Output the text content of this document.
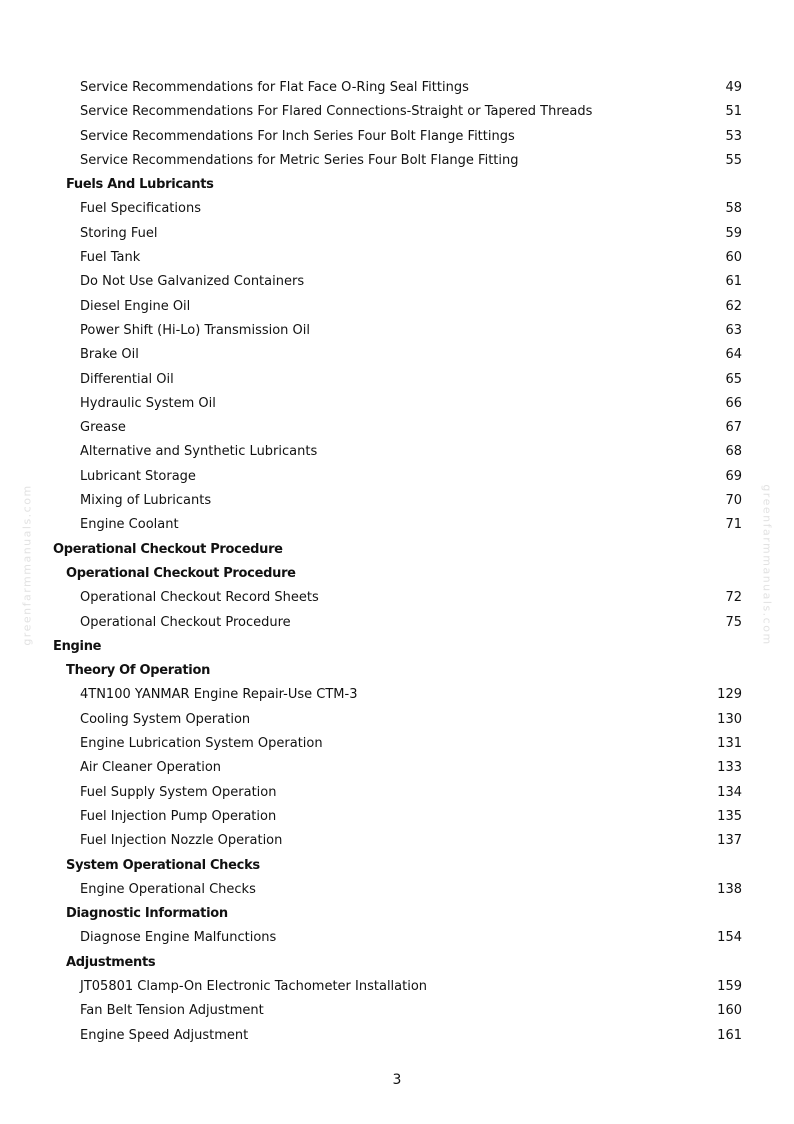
greenfarmmanuals.com	greenfarmmanuals.com
Service Recommendations for Flat Face O-Ring Seal Fittings	49
Service Recommendations For Flared Connections-Straight or Tapered Threads	51
Service Recommendations For Inch Series Four Bolt Flange Fittings	53
Service Recommendations for Metric Series Four Bolt Flange Fitting	55
Fuels And Lubricants
Fuel Specifications	58
Storing Fuel	59
Fuel Tank	60
Do Not Use Galvanized Containers	61
Diesel Engine Oil	62
Power Shift (Hi-Lo) Transmission Oil	63
Brake Oil	64
Differential Oil	65
Hydraulic System Oil	66
Grease	67
Alternative and Synthetic Lubricants	68
Lubricant Storage	69
Mixing of Lubricants	70
Engine Coolant	71
Operational Checkout Procedure
Operational Checkout Procedure
Operational Checkout Record Sheets	72
Operational Checkout Procedure	75
Engine
Theory Of Operation
4TN100 YANMAR Engine Repair-Use CTM-3	129
Cooling System Operation	130
Engine Lubrication System Operation	131
Air Cleaner Operation	133
Fuel Supply System Operation	134
Fuel Injection Pump Operation	135
Fuel Injection Nozzle Operation	137
System Operational Checks
Engine Operational Checks	138
Diagnostic Information
Diagnose Engine Malfunctions	154
Adjustments
JT05801 Clamp-On Electronic Tachometer Installation	159
Fan Belt Tension Adjustment	160
Engine Speed Adjustment	161
3
